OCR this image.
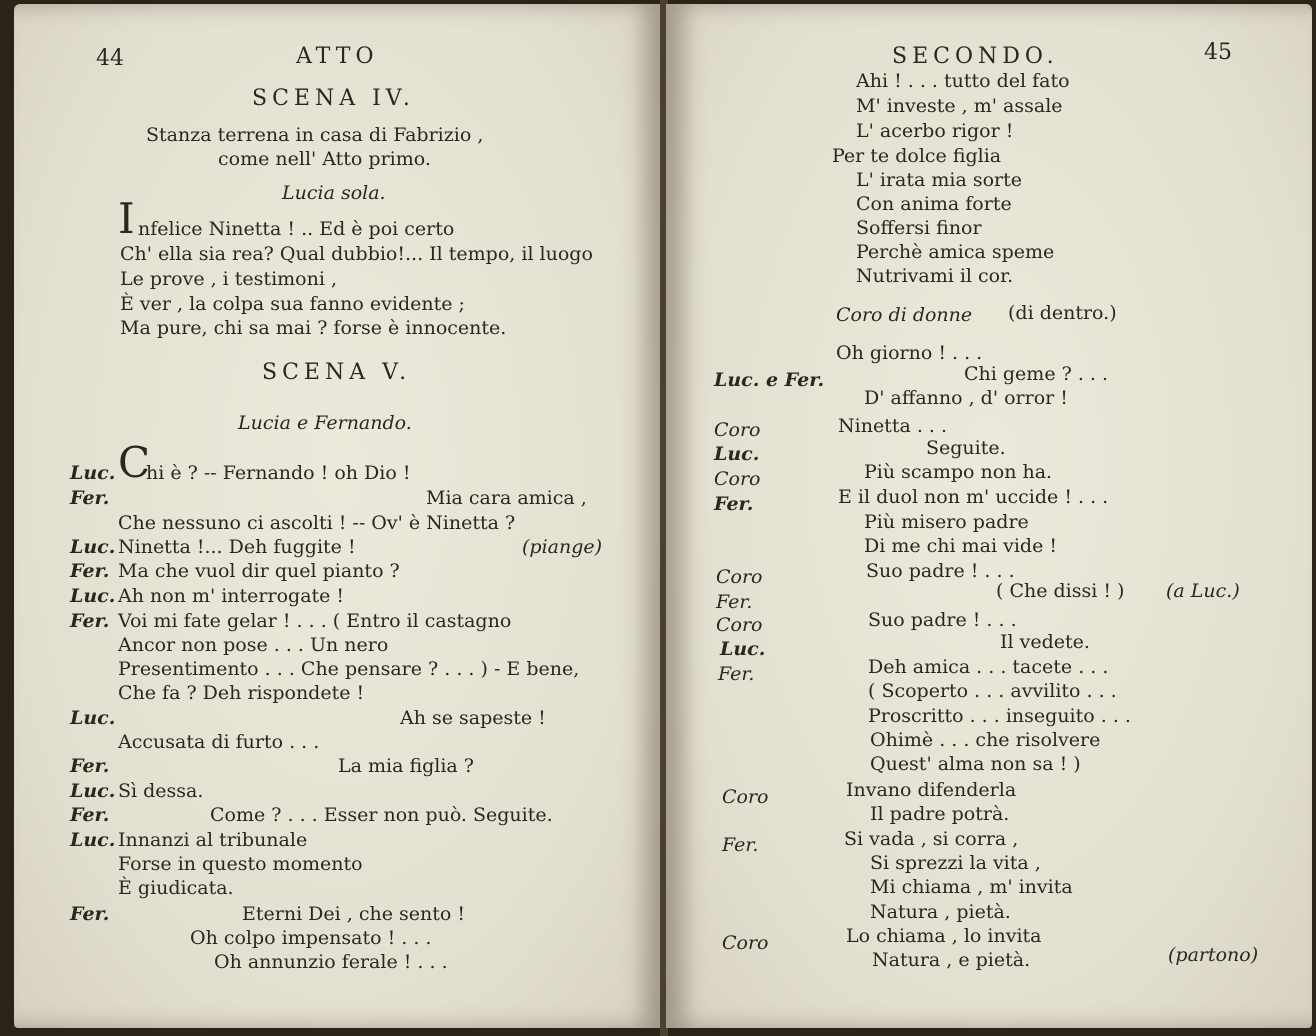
44	ATTO
SCENA IV.
Stanza terrena in casa di Fabrizio ,
come nell' Atto primo.
Lucia sola.
I nfelice Ninetta ! .. Ed è poi certo
Ch' ella sia rea? Qual dubbio!... Il tempo, il luogo
Le prove , i testimoni ,
È ver , la colpa sua fanno evidente ;
Ma pure, chi sa mai ? forse è innocente.
SCENA V.
Lucia e Fernando.
Luc. C
hi è ? -- Fernando ! oh Dio !
Fer.	Mia cara amica ,
Che nessuno ci ascolti ! -- Ov' è Ninetta ?
Luc. Ninetta !... Deh fuggite !	(piange)
Fer. Ma che vuol dir quel pianto ?
Luc. Ah non m' interrogate !
Fer. Voi mi fate gelar ! . . . ( Entro il castagno
Ancor non pose . . . Un nero
Presentimento . . . Che pensare ? . . . ) - E bene,
Che fa ? Deh rispondete !
Luc.	Ah se sapeste !
Accusata di furto . . .
Fer.	La mia figlia ?
Luc. Sì dessa.
Fer.	Come ? . . . Esser non può. Seguite.
Luc. Innanzi al tribunale
Forse in questo momento
È giudicata.
Fer.	Eterni Dei , che sento !
Oh colpo impensato ! . . .
Oh annunzio ferale ! . . .
SECONDO.	45
Ahi ! . . . tutto del fato
M' investe , m' assale
L' acerbo rigor !
Per te dolce figlia
L' irata mia sorte
Con anima forte
Soffersi finor
Perchè amica speme
Nutrivami il cor.
Coro di donne (di dentro.)
Oh giorno ! . . .
Luc. e Fer.	Chi geme ? . . .
D' affanno , d' orror !
Coro	Ninetta . . .
Luc.	Seguite.
Coro	Più scampo non ha.
Fer.	E il duol non m' uccide ! . . .
Più misero padre
Di me chi mai vide !
Coro	Suo padre ! . . .
Fer.	( Che dissi ! ) (a Luc.)
Coro	Suo padre ! . . .
Luc.	Il vedete.
Fer.	Deh amica . . . tacete . . .
( Scoperto . . . avvilito . . .
Proscritto . . . inseguito . . .
Ohimè . . . che risolvere
Quest' alma non sa ! )
Coro	Invano difenderla
Il padre potrà.
Fer.	Si vada , si corra ,
Si sprezzi la vita ,
Mi chiama , m' invita
Natura , pietà.
Coro	Lo chiama , lo invita
Natura , e pietà.	(partono)
